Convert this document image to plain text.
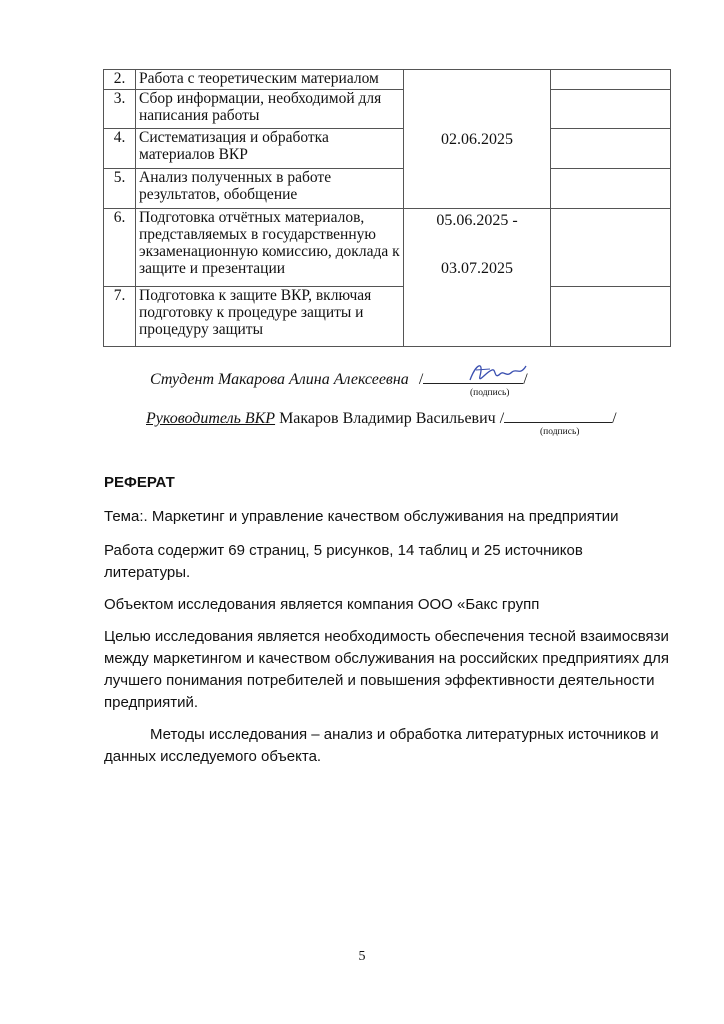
2.	Работа с теоретическим материалом	02.06.2025	
3.	Сбор информации, необходимой для написания работы		
4.	Систематизация и обработка материалов ВКР		
5.	Анализ полученных в работе результатов, обобщение		
6.	Подготовка отчётных материалов, представляемых в государственную экзаменационную комиссию, доклада к защите и презентации	05.06.2025 -
03.07.2025	

7.	Подготовка к защите ВКР, включая подготовку к процедуре защиты и процедуру защиты		
Студент Макарова Алина Алексеевна /	/
(подпись)
Руководитель ВКР Макаров Владимир Васильевич /	/
(подпись)

РЕФЕРАТ

Тема:. Маркетинг и управление качеством обслуживания на предприятии

Работа содержит 69 страниц, 5 рисунков, 14 таблиц и 25 источников литературы.

Объектом исследования является компания ООО «Бакс групп

Целью исследования является необходимость обеспечения тесной взаимосвязи между маркетингом и качеством обслуживания на российских предприятиях для лучшего понимания потребителей и повышения эффективности деятельности предприятий.

Методы исследования – анализ и обработка литературных источников и данных исследуемого объекта.

5
